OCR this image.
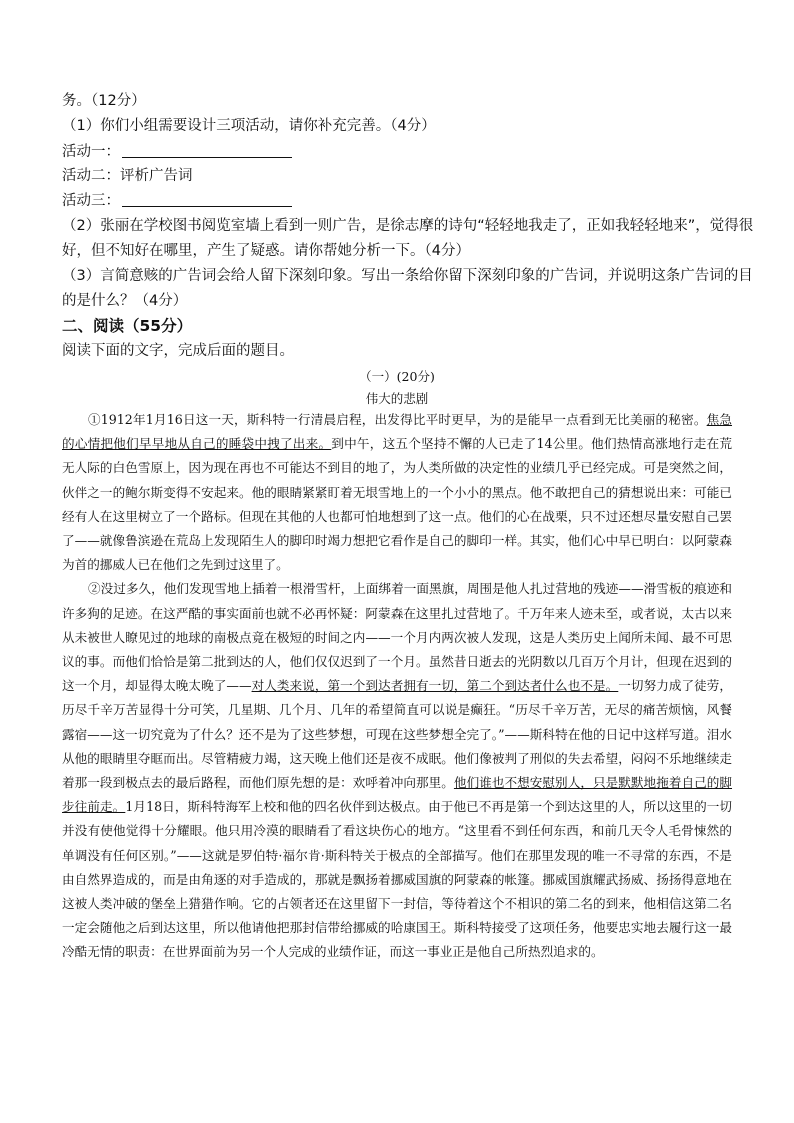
务。（12分）
（1）你们小组需要设计三项活动，请你补充完善。（4分）
活动一：
活动二：评析广告词
活动三：
（2）张丽在学校图书阅览室墙上看到一则广告，是徐志摩的诗句“轻轻地我走了，正如我轻轻地来”，觉得很
好，但不知好在哪里，产生了疑惑。请你帮她分析一下。（4分）
（3）言简意赅的广告词会给人留下深刻印象。写出一条给你留下深刻印象的广告词，并说明这条广告词的目
的是什么？（4分）
二、阅读（55分）
阅读下面的文字，完成后面的题目。
（一）(20分)
伟大的悲剧

①1912年1月16日这一天，斯科特一行清晨启程，出发得比平时更早，为的是能早一点看到无比美丽的秘密。焦急的心情把他们早早地从自己的睡袋中拽了出来。到中午，这五个坚持不懈的人已走了14公里。他们热情高涨地行走在荒无人际的白色雪原上，因为现在再也不可能达不到目的地了，为人类所做的决定性的业绩几乎已经完成。可是突然之间，伙伴之一的鲍尔斯变得不安起来。他的眼睛紧紧盯着无垠雪地上的一个小小的黑点。他不敢把自己的猜想说出来：可能已经有人在这里树立了一个路标。但现在其他的人也都可怕地想到了这一点。他们的心在战栗，只不过还想尽量安慰自己罢了——就像鲁滨逊在荒岛上发现陌生人的脚印时竭力想把它看作是自己的脚印一样。其实，他们心中早已明白：以阿蒙森为首的挪威人已在他们之先到过这里了。

②没过多久，他们发现雪地上插着一根滑雪杆，上面绑着一面黑旗，周围是他人扎过营地的残迹——滑雪板的痕迹和许多狗的足迹。在这严酷的事实面前也就不必再怀疑：阿蒙森在这里扎过营地了。千万年来人迹未至，或者说，太古以来从未被世人瞭见过的地球的南极点竟在极短的时间之内——一个月内两次被人发现，这是人类历史上闻所未闻、最不可思议的事。而他们恰恰是第二批到达的人，他们仅仅迟到了一个月。虽然昔日逝去的光阴数以几百万个月计，但现在迟到的这一个月，却显得太晚太晚了——对人类来说，第一个到达者拥有一切，第二个到达者什么也不是。一切努力成了徒劳，历尽千辛万苦显得十分可笑，几星期、几个月、几年的希望简直可以说是癫狂。“历尽千辛万苦，无尽的痛苦烦恼，风餐露宿——这一切究竟为了什么？还不是为了这些梦想，可现在这些梦想全完了。”——斯科特在他的日记中这样写道。泪水从他的眼睛里夺眶而出。尽管精疲力竭，这天晚上他们还是夜不成眠。他们像被判了刑似的失去希望，闷闷不乐地继续走着那一段到极点去的最后路程，而他们原先想的是：欢呼着冲向那里。他们谁也不想安慰别人，只是默默地拖着自己的脚步往前走。1月18日，斯科特海军上校和他的四名伙伴到达极点。由于他已不再是第一个到达这里的人，所以这里的一切并没有使他觉得十分耀眼。他只用冷漠的眼睛看了看这块伤心的地方。“这里看不到任何东西，和前几天令人毛骨悚然的单调没有任何区别。”——这就是罗伯特·福尔肯·斯科特关于极点的全部描写。他们在那里发现的唯一不寻常的东西，不是由自然界造成的，而是由角逐的对手造成的，那就是飘扬着挪威国旗的阿蒙森的帐篷。挪威国旗耀武扬威、扬扬得意地在这被人类冲破的堡垒上猎猎作响。它的占领者还在这里留下一封信，等待着这个不相识的第二名的到来，他相信这第二名一定会随他之后到达这里，所以他请他把那封信带给挪威的哈康国王。斯科特接受了这项任务，他要忠实地去履行这一最冷酷无情的职责：在世界面前为另一个人完成的业绩作证，而这一事业正是他自己所热烈追求的。
